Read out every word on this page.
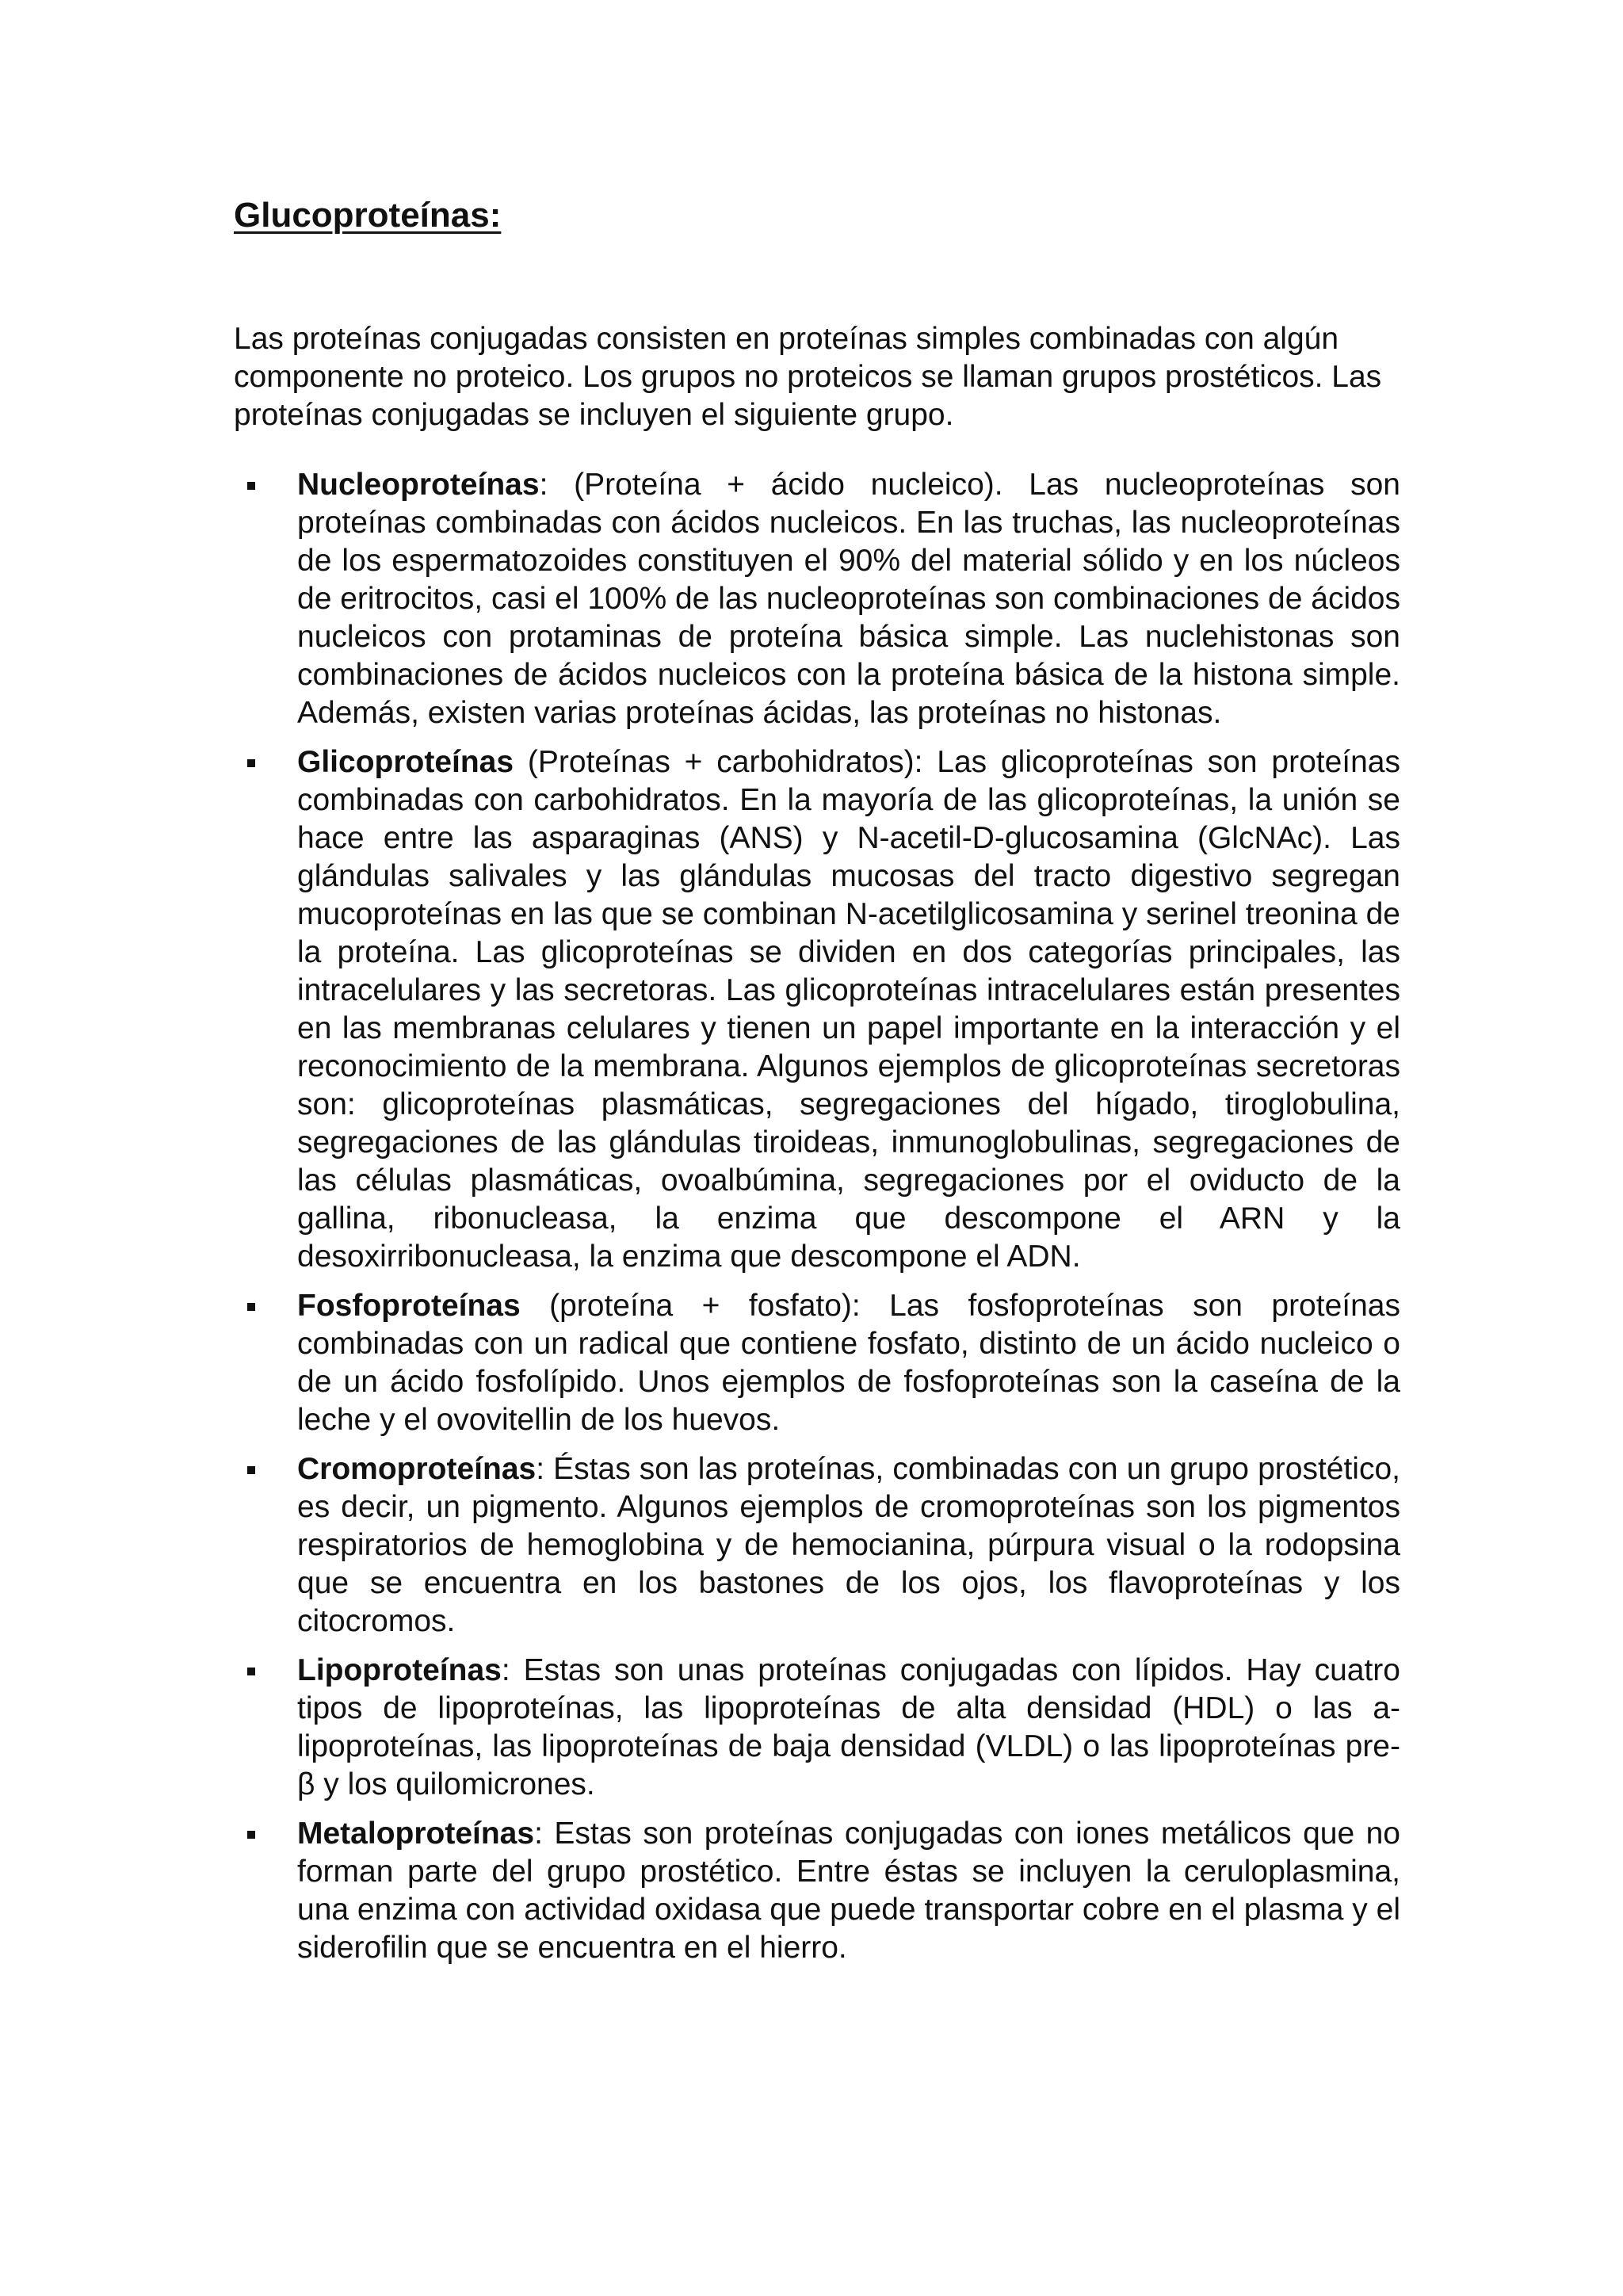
Glucoproteínas:

Las proteínas conjugadas consisten en proteínas simples combinadas con algún componente no proteico. Los grupos no proteicos se llaman grupos prostéticos. Las proteínas conjugadas se incluyen el siguiente grupo.

Nucleoproteínas: (Proteína + ácido nucleico). Las nucleoproteínas son proteínas combinadas con ácidos nucleicos. En las truchas, las nucleoproteínas de los espermatozoides constituyen el 90% del material sólido y en los núcleos de eritrocitos, casi el 100% de las nucleoproteínas son combinaciones de ácidos nucleicos con protaminas de proteína básica simple. Las nuclehistonas son combinaciones de ácidos nucleicos con la proteína básica de la histona simple. Además, existen varias proteínas ácidas, las proteínas no histonas.
Glicoproteínas (Proteínas + carbohidratos): Las glicoproteínas son proteínas combinadas con carbohidratos. En la mayoría de las glicoproteínas, la unión se hace entre las asparaginas (ANS) y N-acetil-D-glucosamina (GlcNAc). Las glándulas salivales y las glándulas mucosas del tracto digestivo segregan mucoproteínas en las que se combinan N-acetilglicosamina y serinel treonina de la proteína. Las glicoproteínas se dividen en dos categorías principales, las intracelulares y las secretoras. Las glicoproteínas intracelulares están presentes en las membranas celulares y tienen un papel importante en la interacción y el reconocimiento de la membrana. Algunos ejemplos de glicoproteínas secretoras son: glicoproteínas plasmáticas, segregaciones del hígado, tiroglobulina, segregaciones de las glándulas tiroideas, inmunoglobulinas, segregaciones de las células plasmáticas, ovoalbúmina, segregaciones por el oviducto de la gallina, ribonucleasa, la enzima que descompone el ARN y la desoxirribonucleasa, la enzima que descompone el ADN.
Fosfoproteínas (proteína + fosfato): Las fosfoproteínas son proteínas combinadas con un radical que contiene fosfato, distinto de un ácido nucleico o de un ácido fosfolípido. Unos ejemplos de fosfoproteínas son la caseína de la leche y el ovovitellin de los huevos.
Cromoproteínas: Éstas son las proteínas, combinadas con un grupo prostético, es decir, un pigmento. Algunos ejemplos de cromoproteínas son los pigmentos respiratorios de hemoglobina y de hemocianina, púrpura visual o la rodopsina que se encuentra en los bastones de los ojos, los flavoproteínas y los citocromos.
Lipoproteínas: Estas son unas proteínas conjugadas con lípidos. Hay cuatro tipos de lipoproteínas, las lipoproteínas de alta densidad (HDL) o las a-lipoproteínas, las lipoproteínas de baja densidad (VLDL) o las lipoproteínas pre-β y los quilomicrones.
Metaloproteínas: Estas son proteínas conjugadas con iones metálicos que no forman parte del grupo prostético. Entre éstas se incluyen la ceruloplasmina, una enzima con actividad oxidasa que puede transportar cobre en el plasma y el siderofilin que se encuentra en el hierro.
